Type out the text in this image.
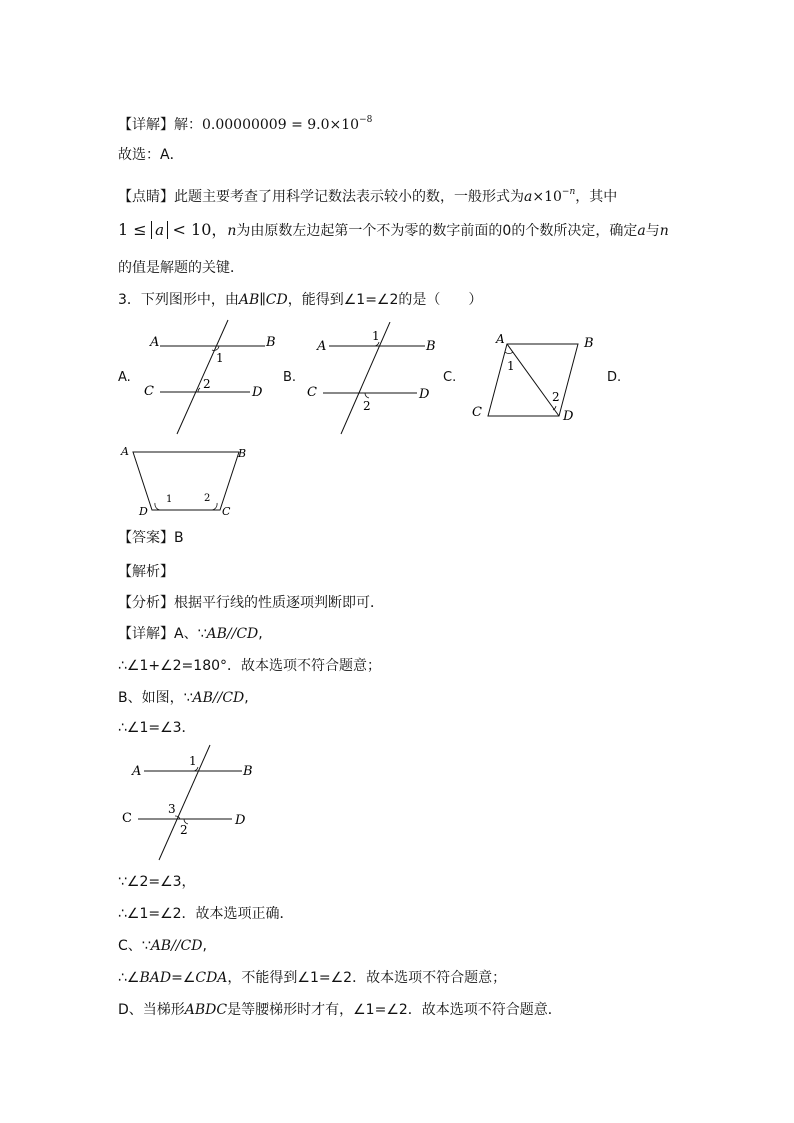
【详解】解：$0.00000009 = 9.0\times 10^{-8}$
故选：A．
【点睛】此题主要考查了用科学记数法表示较小的数，一般形式为$a\times 10^{-n}$，其中
1 ≤ a < 10，n为由原数左边起第一个不为零的数字前面的0的个数所决定，确定a与n
的值是解题的关键．
3．下列图形中，由AB∥CD，能得到∠1=∠2的是（　　）
A.	B.	C.	D.
A	B
C	D
1
2
A	B
C	D
1
2
A	B
C	D
1
2
A	B
D	C
1	2
【答案】B
【解析】
【分析】根据平行线的性质逐项判断即可．
【详解】A、∵AB//CD,
∴∠1+∠2=180°．故本选项不符合题意；
B、如图，∵AB//CD,
∴∠1=∠3．
A	B
C	D
1
3
2
∵∠2=∠3，
∴∠1=∠2．故本选项正确．
C、∵AB//CD,
∴∠BAD=∠CDA，不能得到∠1=∠2．故本选项不符合题意；
D、当梯形ABDC是等腰梯形时才有，∠1=∠2．故本选项不符合题意．
